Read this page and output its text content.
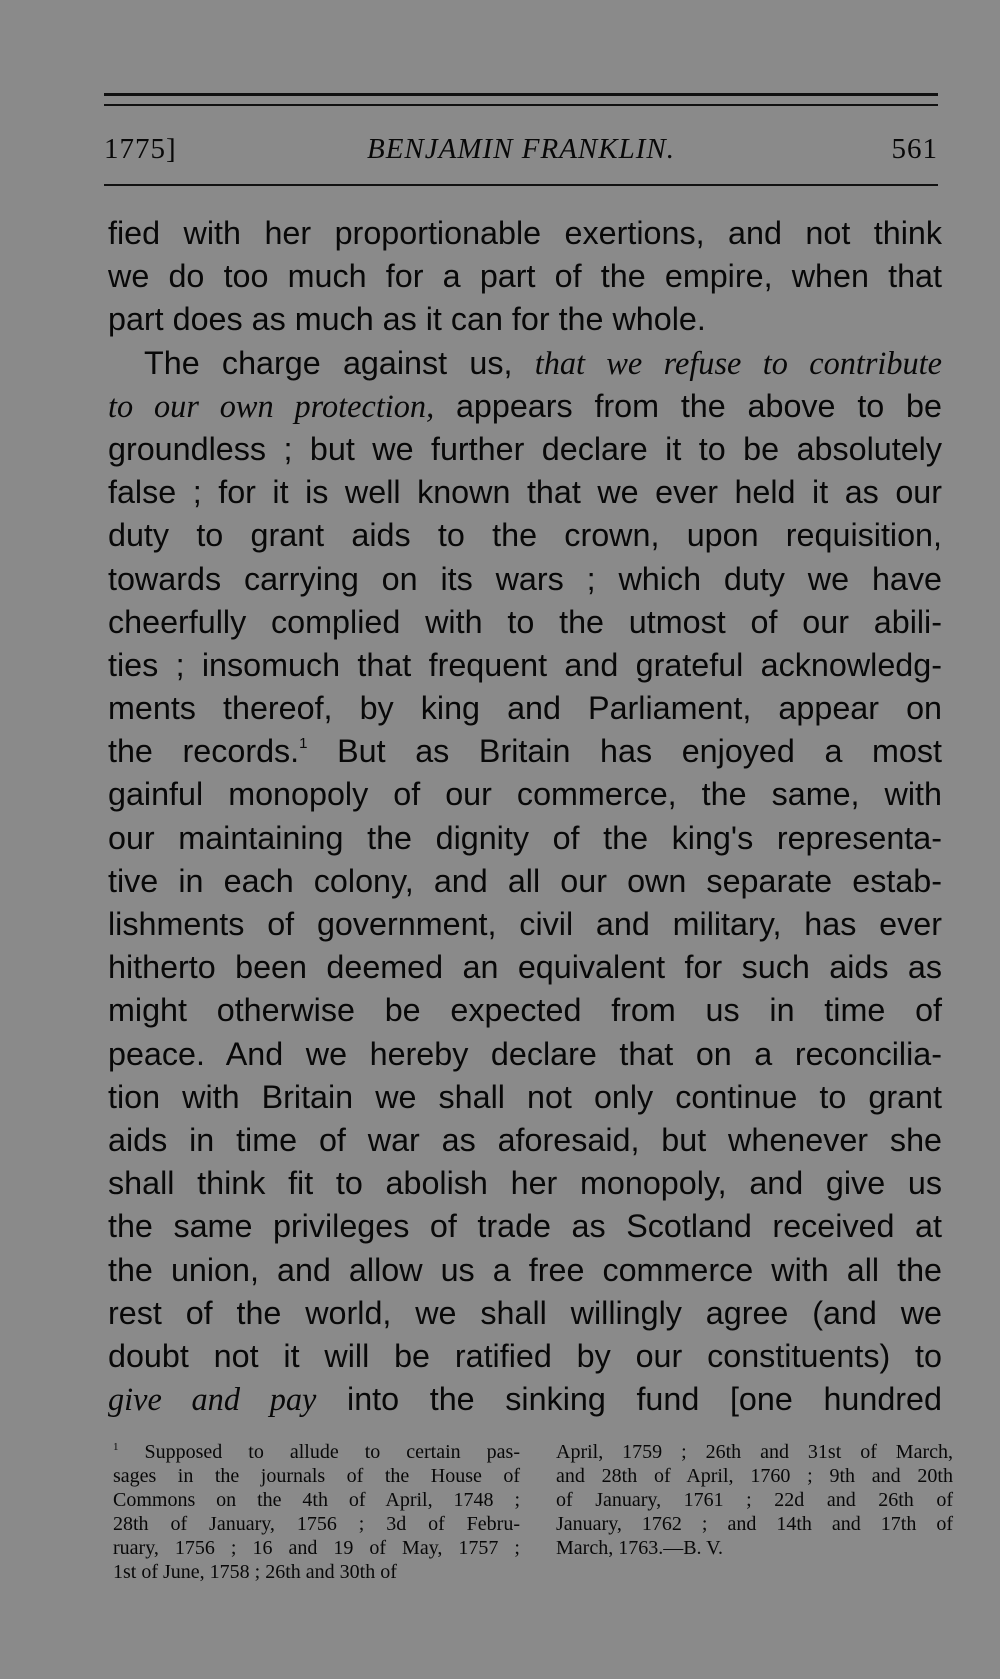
1775]	BENJAMIN FRANKLIN.	561
fied with her proportionable exertions, and not think
we do too much for a part of the empire, when that
part does as much as it can for the whole.
The charge against us, that we refuse to contribute
to our own protection, appears from the above to be
groundless ; but we further declare it to be absolutely
false ; for it is well known that we ever held it as our
duty to grant aids to the crown, upon requisition,
towards carrying on its wars ; which duty we have
cheerfully complied with to the utmost of our abili-
ties ; insomuch that frequent and grateful acknowledg-
ments thereof, by king and Parliament, appear on
the records.$^1$ But as Britain has enjoyed a most
gainful monopoly of our commerce, the same, with
our maintaining the dignity of the king's representa-
tive in each colony, and all our own separate estab-
lishments of government, civil and military, has ever
hitherto been deemed an equivalent for such aids as
might otherwise be expected from us in time of
peace. And we hereby declare that on a reconcilia-
tion with Britain we shall not only continue to grant
aids in time of war as aforesaid, but whenever she
shall think fit to abolish her monopoly, and give us
the same privileges of trade as Scotland received at
the union, and allow us a free commerce with all the
rest of the world, we shall willingly agree (and we
doubt not it will be ratified by our constituents) to
give and pay into the sinking fund [one hundred
$^1$ Supposed to allude to certain pas-
sages in the journals of the House of
Commons on the 4th of April, 1748 ;
28th of January, 1756 ; 3d of Febru-
ruary, 1756 ; 16 and 19 of May, 1757 ;
1st of June, 1758 ; 26th and 30th of
April, 1759 ; 26th and 31st of March,
and 28th of April, 1760 ; 9th and 20th
of January, 1761 ; 22d and 26th of
January, 1762 ; and 14th and 17th of
March, 1763.—B. V.
